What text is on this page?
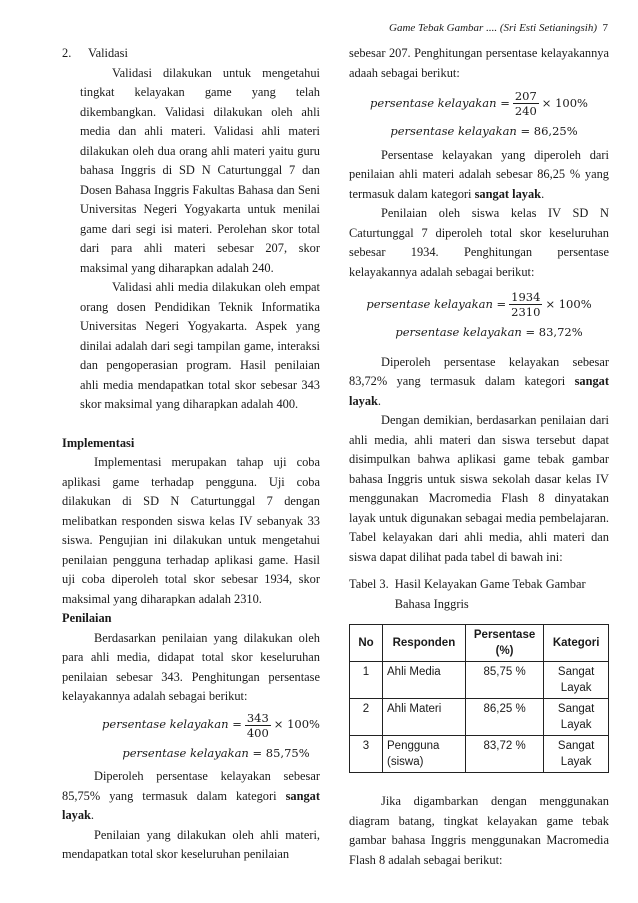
Game Tebak Gambar .... (Sri Esti Setianingsih) 7
2.	Validasi

Validasi dilakukan untuk mengetahui tingkat kelayakan game yang telah dikembangkan. Validasi dilakukan oleh ahli media dan ahli materi. Validasi ahli materi dilakukan oleh dua orang ahli materi yaitu guru bahasa Inggris di SD N Caturtunggal 7 dan Dosen Bahasa Inggris Fakultas Bahasa dan Seni Universitas Negeri Yogyakarta untuk menilai game dari segi isi materi. Perolehan skor total dari para ahli materi sebesar 207, skor maksimal yang diharapkan adalah 240.

Validasi ahli media dilakukan oleh empat orang dosen Pendidikan Teknik Informatika Universitas Negeri Yogyakarta. Aspek yang dinilai adalah dari segi tampilan game, interaksi dan pengoperasian program. Hasil penilaian ahli media mendapatkan total skor sebesar 343 skor maksimal yang diharapkan adalah 400.

Implementasi

Implementasi merupakan tahap uji coba aplikasi game terhadap pengguna. Uji coba dilakukan di SD N Caturtunggal 7 dengan melibatkan responden siswa kelas IV sebanyak 33 siswa. Pengujian ini dilakukan untuk mengetahui penilaian pengguna terhadap aplikasi game. Hasil uji coba diperoleh total skor sebesar 1934, skor maksimal yang diharapkan adalah 2310.

Penilaian

Berdasarkan penilaian yang dilakukan oleh para ahli media, didapat total skor keseluruhan penilaian sebesar 343. Penghitungan persentase kelayakannya adalah sebagai berikut:

persentase kelayakan = $\frac{343}{400} \times 100\%$
persentase kelayakan =
85,75%

Diperoleh persentase kelayakan sebesar 85,75% yang termasuk dalam kategori sangat layak.

Penilaian yang dilakukan oleh ahli materi, mendapatkan total skor keseluruhan penilaian

sebesar 207. Penghitungan persentase kelayakannya adaah sebagai berikut:

persentase kelayakan = $\frac{207}{240} \times 100\%$
persentase kelayakan =
86,25%

Persentase kelayakan yang diperoleh dari penilaian ahli materi adalah sebesar 86,25 % yang termasuk dalam kategori sangat layak.

Penilaian oleh siswa kelas IV SD N Caturtunggal 7 diperoleh total skor keseluruhan sebesar 1934. Penghitungan persentase kelayakannya adalah sebagai berikut:

persentase kelayakan = $\frac{1934}{2310} \times 100\%$
persentase kelayakan =
83,72%

Diperoleh persentase kelayakan sebesar 83,72% yang termasuk dalam kategori sangat layak.

Dengan demikian, berdasarkan penilaian dari ahli media, ahli materi dan siswa tersebut dapat disimpulkan bahwa aplikasi game tebak gambar bahasa Inggris untuk siswa sekolah dasar kelas IV menggunakan Macromedia Flash 8 dinyatakan layak untuk digunakan sebagai media pembelajaran. Tabel kelayakan dari ahli media, ahli materi dan siswa dapat dilihat pada tabel di bawah ini:

Tabel 3. Hasil Kelayakan Game Tebak Gambar Bahasa Inggris
No	Responden	Persentase (%)	Kategori
1	Ahli Media	85,75 %	Sangat Layak
2	Ahli Materi	86,25 %	Sangat Layak
3	Pengguna (siswa)	83,72 %	Sangat Layak

Jika digambarkan dengan menggunakan diagram batang, tingkat kelayakan game tebak gambar bahasa Inggris menggunakan Macromedia Flash 8 adalah sebagai berikut:
